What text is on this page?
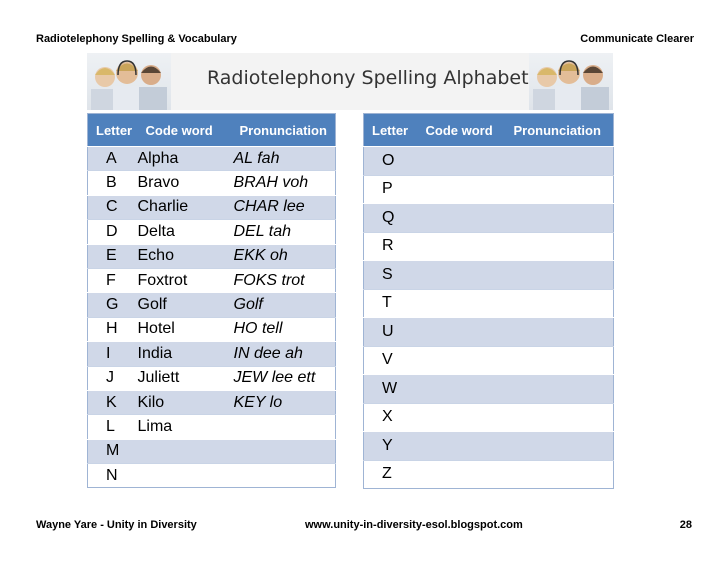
Radiotelephony Spelling & Vocabulary	Communicate Clearer
Radiotelephony Spelling Alphabet
Letter	Code word	Pronunciation
A	Alpha	AL fah
B	Bravo	BRAH voh
C	Charlie	CHAR lee
D	Delta	DEL tah
E	Echo	EKK oh
F	Foxtrot	FOKS trot
G	Golf	Golf
H	Hotel	HO tell
I	India	IN dee ah
J	Juliett	JEW lee ett
K	Kilo	KEY lo
L	Lima	
M		
N		
Letter	Code word	Pronunciation
O		
P		
Q		
R		
S		
T		
U		
V		
W		
X		
Y		
Z		
Wayne Yare - Unity in Diversity	www.unity-in-diversity-esol.blogspot.com	28
